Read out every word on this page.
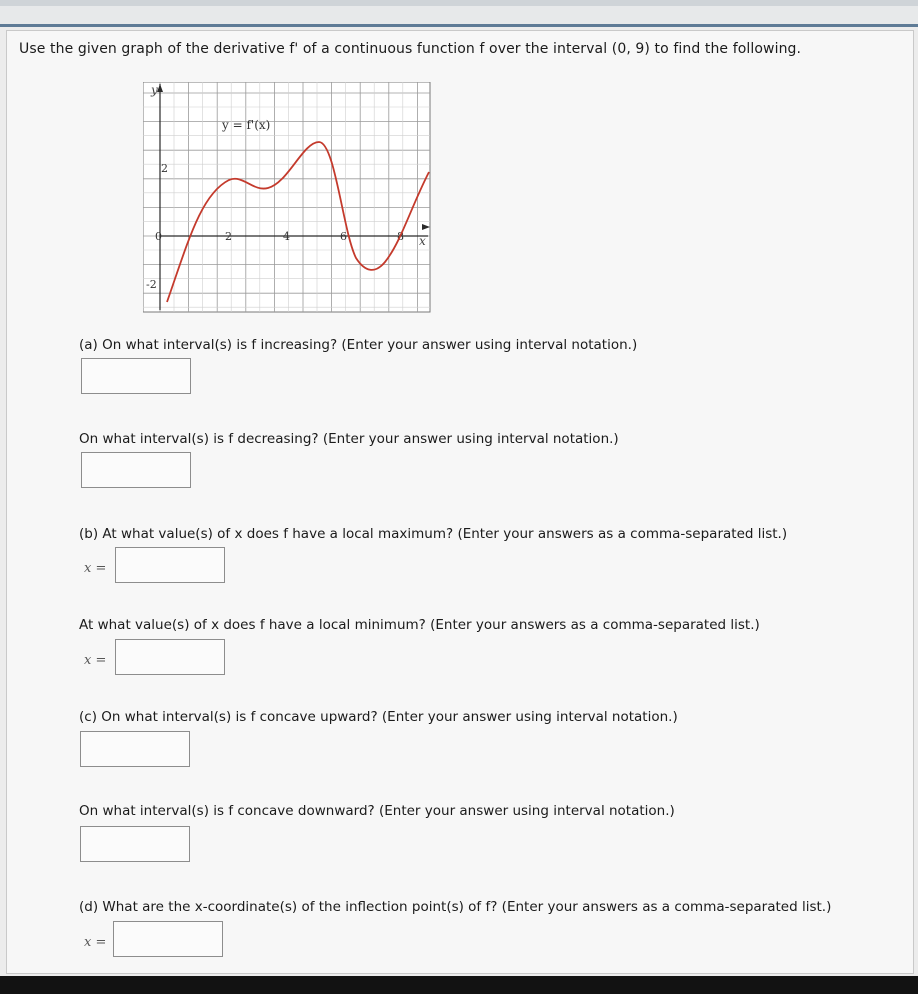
Use the given graph of the derivative f' of a continuous function f over the interval (0, 9) to find the following.
y
x
y = f'(x)
0	2	4	6	8
2
-2
(a) On what interval(s) is f increasing? (Enter your answer using interval notation.)
On what interval(s) is f decreasing? (Enter your answer using interval notation.)
(b) At what value(s) of x does f have a local maximum? (Enter your answers as a comma-separated list.)
x =
At what value(s) of x does f have a local minimum? (Enter your answers as a comma-separated list.)
x =
(c) On what interval(s) is f concave upward? (Enter your answer using interval notation.)
On what interval(s) is f concave downward? (Enter your answer using interval notation.)
(d) What are the x-coordinate(s) of the inflection point(s) of f? (Enter your answers as a comma-separated list.)
x =
